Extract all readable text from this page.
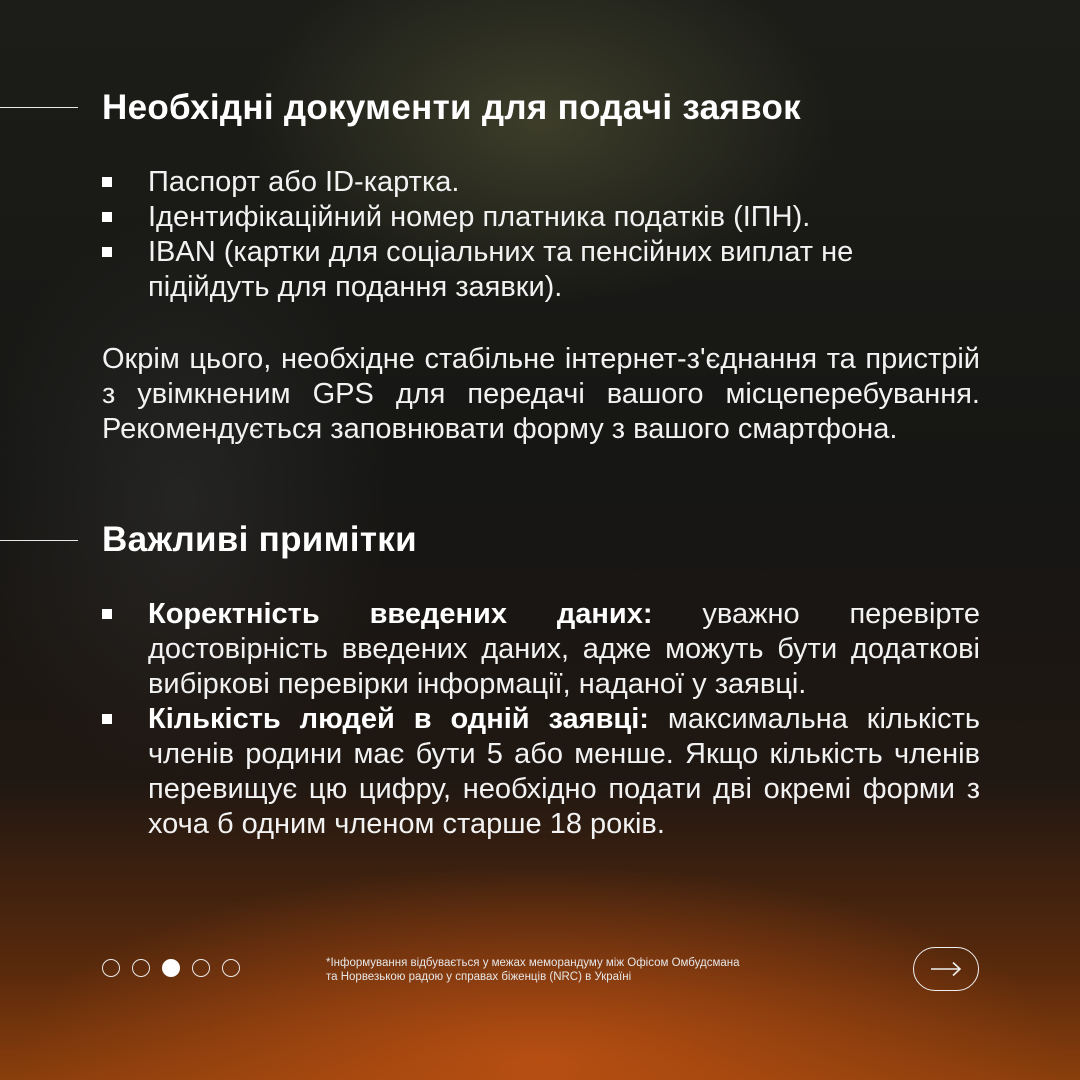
Необхідні документи для подачі заявок
Паспорт або ID-картка.
Ідентифікаційний номер платника податків (ІПН).
IBAN (картки для соціальних та пенсійних виплат не підійдуть для подання заявки).

Окрім цього, необхідне стабільне інтернет-з'єднання та пристрій з увімкненим GPS для передачі вашого місцеперебування. Рекомендується заповнювати форму з вашого смартфона.

Важливі примітки
Коректність введених даних: уважно перевірте достовірність введених даних, адже можуть бути додаткові вибіркові перевірки інформації, наданої у заявці.
Кількість людей в одній заявці: максимальна кількість членів родини має бути 5 або менше. Якщо кількість членів перевищує цю цифру, необхідно подати дві окремі форми з хоча б одним членом старше 18 років.

*Інформування відбувається у межах меморандуму між Офісом Омбудсмана
та Норвезькою радою у справах біженців (NRC) в Україні
